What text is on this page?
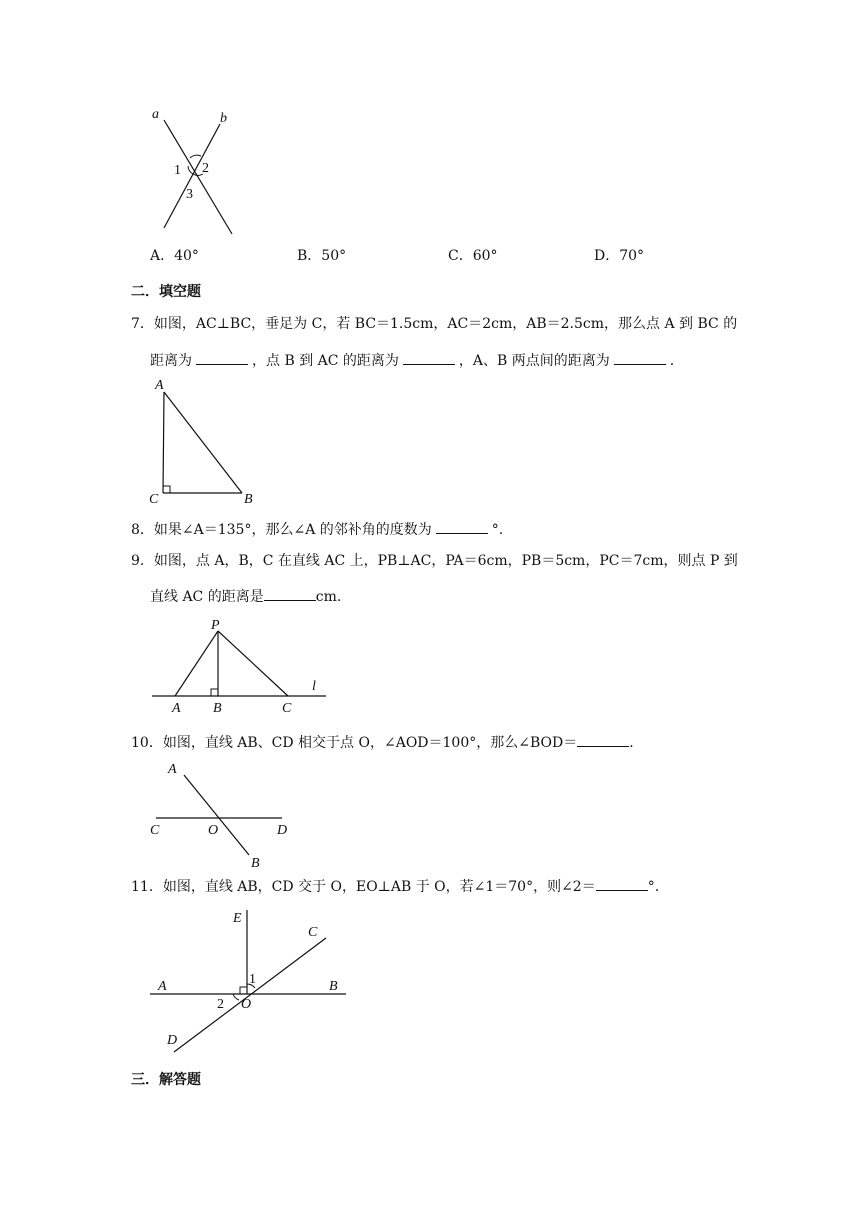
a	b
1 2
3
A．40°	B．50°	C．60°	D．70°
二．填空题
7．如图，AC⊥BC，垂足为 C，若 BC＝1.5cm，AC＝2cm，AB＝2.5cm，那么点 A 到 BC 的
距离为	，点 B 到 AC 的距离为	，A、B 两点间的距离为	.
A
C	B
8．如果∠A＝135°，那么∠A 的邻补角的度数为	°.
9．如图，点 A，B，C 在直线 AC 上，PB⊥AC，PA＝6cm，PB＝5cm，PC＝7cm，则点 P 到
直线 AC 的距离是	cm.
P
A B	C
l
10．如图，直线 AB、CD 相交于点 O，∠AOD＝100°，那么∠BOD＝	.
A
C	O	D
B
11．如图，直线 AB，CD 交于 O，EO⊥AB 于 O，若∠1＝70°，则∠2＝	°.
E
C
A	B
1
2 O
D
三．解答题
